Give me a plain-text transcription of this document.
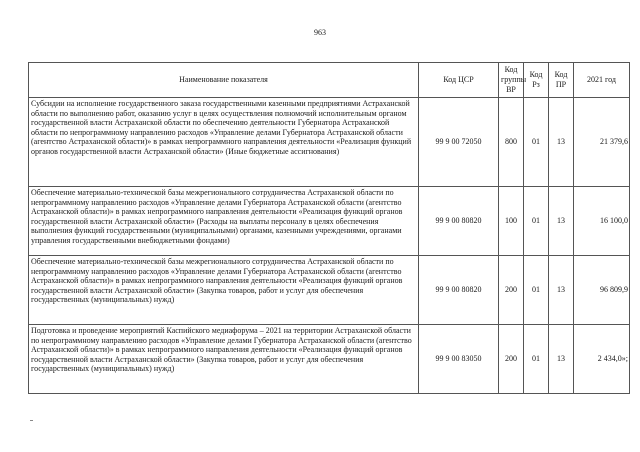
963
Наименование показателя	Код ЦСР	Код группы ВР	Код Рз	Код ПР	2021 год
Субсидии на исполнение государственного заказа государственными казенными предприятиями Астраханской области по выполнению работ, оказанию услуг в целях осуществления полномочий исполнительным органом государственной власти Астраханской области по обеспечению деятельности Губернатора Астраханской области по непрограммному направлению расходов «Управление делами Губернатора Астраханской области (агентство Астраханской области)» в рамках непрограммного направления деятельности «Реализация функций органов государственной власти Астраханской области» (Иные бюджетные ассигнования)	99 9 00 72050	800	01	13	21 379,6
Обеспечение материально-технической базы межрегионального сотрудничества Астраханской области по непрограммному направлению расходов «Управление делами Губернатора Астраханской области (агентство Астраханской области)» в рамках непрограммного направления деятельности «Реализация функций органов государственной власти Астраханской области» (Расходы на выплаты персоналу в целях обеспечения выполнения функций государственными (муниципальными) органами, казенными учреждениями, органами управления государственными внебюджетными фондами)	99 9 00 80820	100	01	13	16 100,0
Обеспечение материально-технической базы межрегионального сотрудничества Астраханской области по непрограммному направлению расходов «Управление делами Губернатора Астраханской области (агентство Астраханской области)» в рамках непрограммного направления деятельности «Реализация функций органов государственной власти Астраханской области» (Закупка товаров, работ и услуг для обеспечения государственных (муниципальных) нужд)	99 9 00 80820	200	01	13	96 809,9
Подготовка и проведение мероприятий Каспийского медиафорума – 2021 на территории Астраханской области по непрограммному направлению расходов «Управление делами Губернатора Астраханской области (агентство Астраханской области)» в рамках непрограммного направления деятельности «Реализация функций органов государственной власти Астраханской области» (Закупка товаров, работ и услуг для обеспечения государственных (муниципальных) нужд)	99 9 00 83050	200	01	13	2 434,0»;
